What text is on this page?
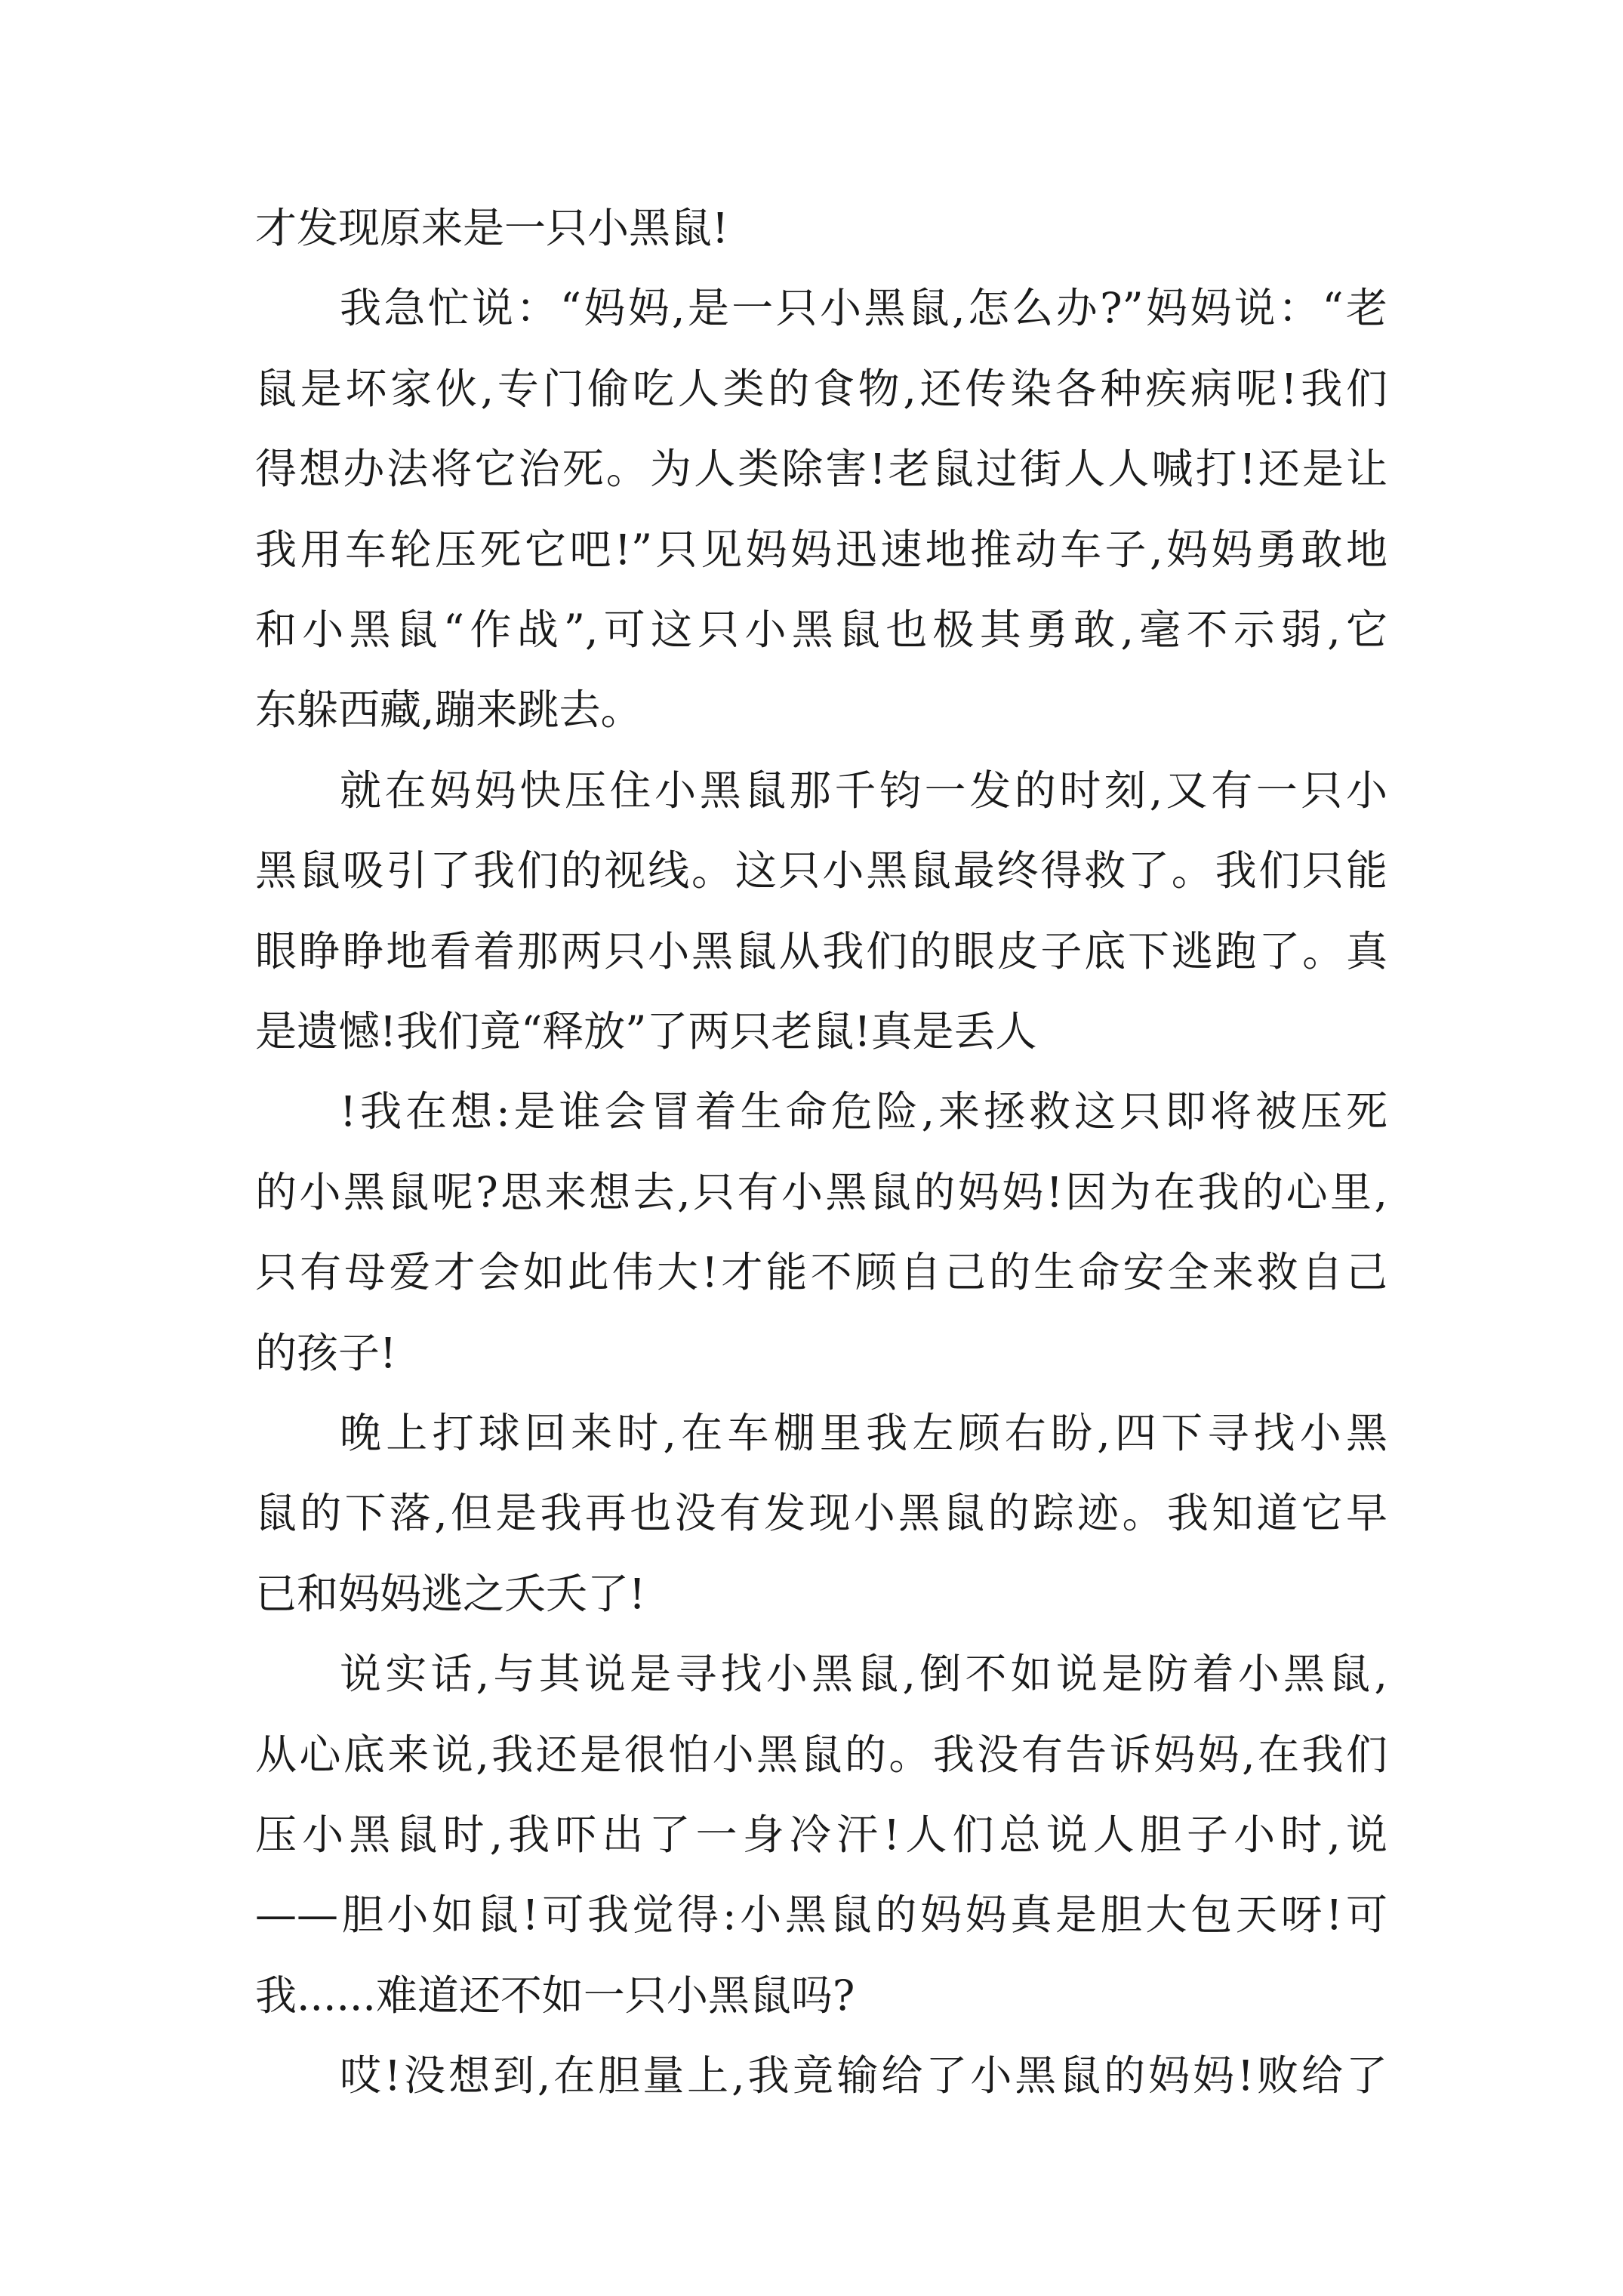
才发现原来是一只小黑鼠!
我急忙说：“妈妈,是一只小黑鼠,怎么办?”妈妈说：“老
鼠是坏家伙,专门偷吃人类的食物,还传染各种疾病呢!我们
得想办法将它治死。为人类除害!老鼠过街人人喊打!还是让
我用车轮压死它吧!”只见妈妈迅速地推动车子,妈妈勇敢地
和小黑鼠“作战”,可这只小黑鼠也极其勇敢,毫不示弱,它
东躲西藏,蹦来跳去。
就在妈妈快压住小黑鼠那千钧一发的时刻,又有一只小
黑鼠吸引了我们的视线。这只小黑鼠最终得救了。我们只能
眼睁睁地看着那两只小黑鼠从我们的眼皮子底下逃跑了。真
是遗憾!我们竟“释放”了两只老鼠!真是丢人
!我在想:是谁会冒着生命危险,来拯救这只即将被压死
的小黑鼠呢?思来想去,只有小黑鼠的妈妈!因为在我的心里,
只有母爱才会如此伟大!才能不顾自己的生命安全来救自己
的孩子!
晚上打球回来时,在车棚里我左顾右盼,四下寻找小黑
鼠的下落,但是我再也没有发现小黑鼠的踪迹。我知道它早
已和妈妈逃之夭夭了!
说实话,与其说是寻找小黑鼠,倒不如说是防着小黑鼠,
从心底来说,我还是很怕小黑鼠的。我没有告诉妈妈,在我们
压小黑鼠时,我吓出了一身冷汗!人们总说人胆子小时,说
——胆小如鼠!可我觉得:小黑鼠的妈妈真是胆大包天呀!可
我......难道还不如一只小黑鼠吗?
哎!没想到,在胆量上,我竟输给了小黑鼠的妈妈!败给了
